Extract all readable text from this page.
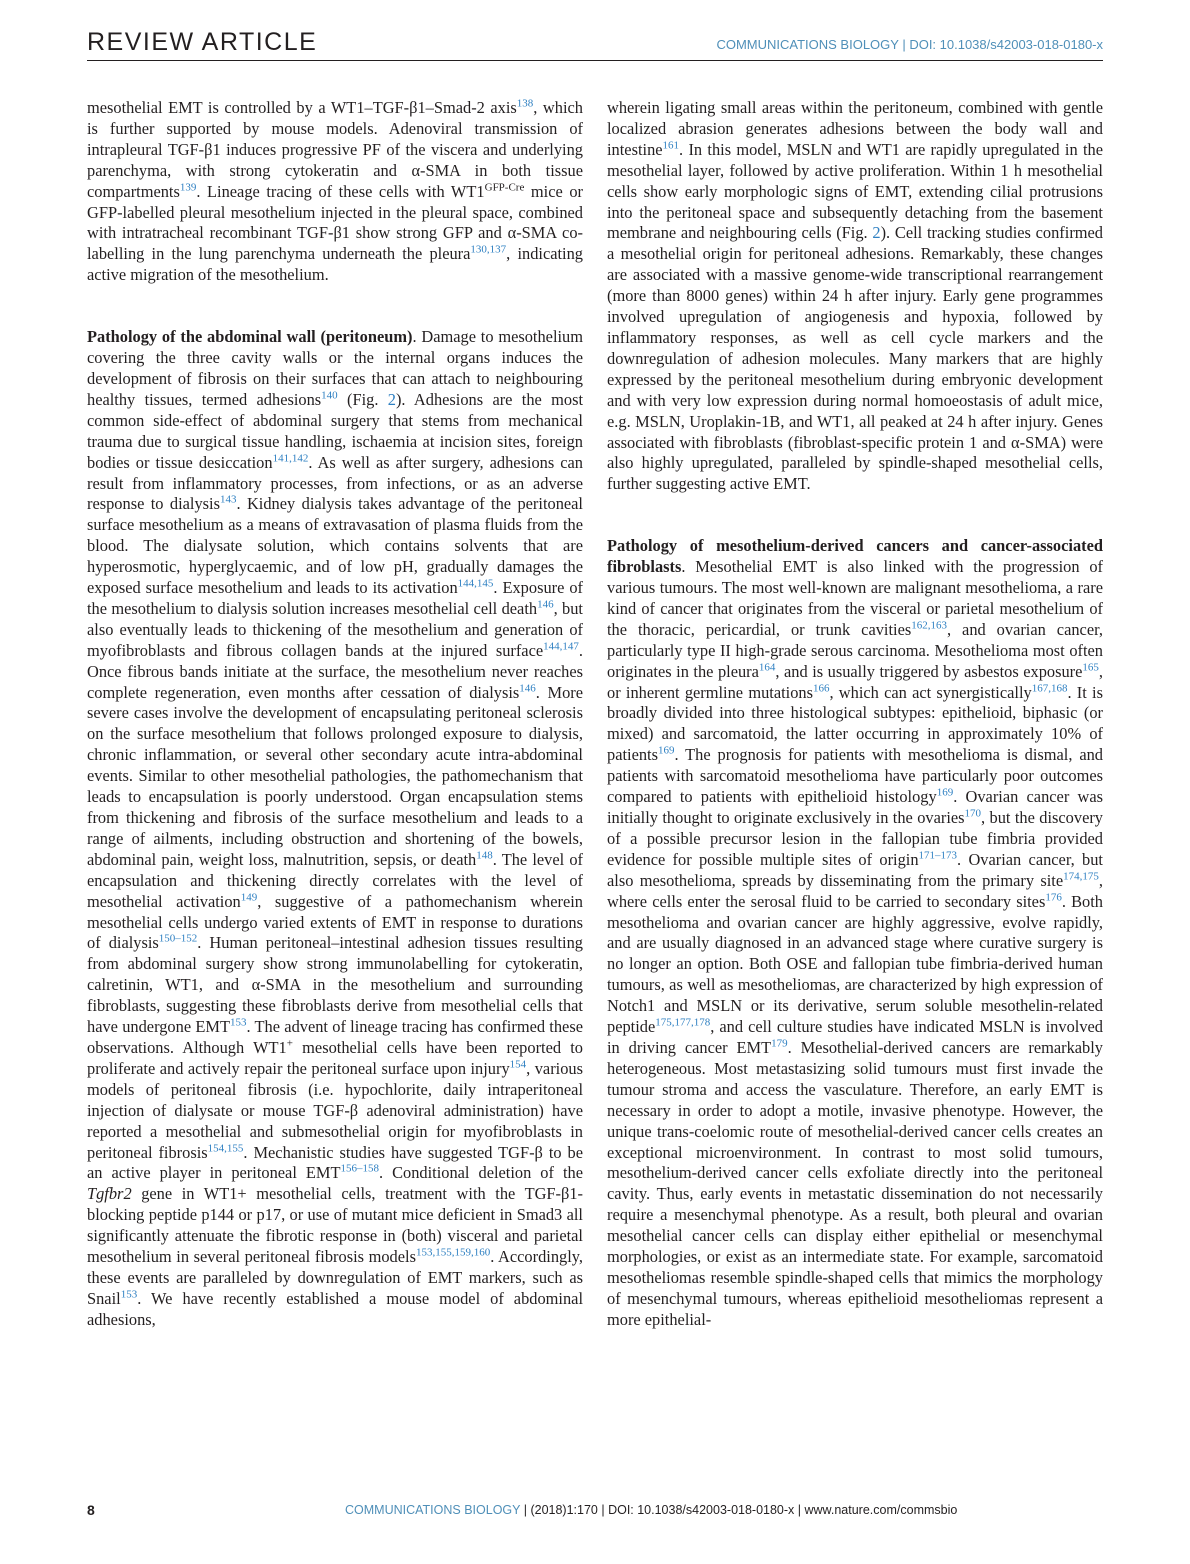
REVIEW ARTICLE	COMMUNICATIONS BIOLOGY | DOI: 10.1038/s42003-018-0180-x

mesothelial EMT is controlled by a WT1–TGF-β1–Smad-2 axis$^{138}$, which is further supported by mouse models. Adenoviral transmission of intrapleural TGF-β1 induces progressive PF of the viscera and underlying parenchyma, with strong cytokeratin and α-SMA in both tissue compartments$^{139}$. Lineage tracing of these cells with $WT1^{GFP-Cre}$ mice or GFP-labelled pleural mesothelium injected in the pleural space, combined with intratracheal recombinant TGF-β1 show strong GFP and α-SMA co-labelling in the lung parenchyma underneath the pleura$^{130,137}$, indicating active migration of the mesothelium.

Pathology of the abdominal wall (peritoneum). Damage to mesothelium covering the three cavity walls or the internal organs induces the development of fibrosis on their surfaces that can attach to neighbouring healthy tissues, termed adhesions$^{140}$ (Fig. 2). Adhesions are the most common side-effect of abdominal surgery that stems from mechanical trauma due to surgical tissue handling, ischaemia at incision sites, foreign bodies or tissue desiccation$^{141,142}$. As well as after surgery, adhesions can result from inflammatory processes, from infections, or as an adverse response to dialysis$^{143}$. Kidney dialysis takes advantage of the peritoneal surface mesothelium as a means of extravasation of plasma fluids from the blood. The dialysate solution, which contains solvents that are hyperosmotic, hyperglycaemic, and of low pH, gradually damages the exposed surface mesothelium and leads to its activation$^{144,145}$. Exposure of the mesothelium to dialysis solution increases mesothelial cell death$^{146}$, but also eventually leads to thickening of the mesothelium and generation of myofibroblasts and fibrous collagen bands at the injured surface$^{144,147}$. Once fibrous bands initiate at the surface, the mesothelium never reaches complete regeneration, even months after cessation of dialysis$^{146}$. More severe cases involve the development of encapsulating peritoneal sclerosis on the surface mesothelium that follows prolonged exposure to dialysis, chronic inflammation, or several other secondary acute intra-abdominal events. Similar to other mesothelial pathologies, the pathomechanism that leads to encapsulation is poorly understood. Organ encapsulation stems from thickening and fibrosis of the surface mesothelium and leads to a range of ailments, including obstruction and shortening of the bowels, abdominal pain, weight loss, malnutrition, sepsis, or death$^{148}$. The level of encapsulation and thickening directly correlates with the level of mesothelial activation$^{149}$, suggestive of a pathomechanism wherein mesothelial cells undergo varied extents of EMT in response to durations of dialysis$^{150-152}$. Human peritoneal–intestinal adhesion tissues resulting from abdominal surgery show strong immunolabelling for cytokeratin, calretinin, WT1, and α-SMA in the mesothelium and surrounding fibroblasts, suggesting these fibroblasts derive from mesothelial cells that have undergone EMT$^{153}$. The advent of lineage tracing has confirmed these observations. Although WT1+ mesothelial cells have been reported to proliferate and actively repair the peritoneal surface upon injury$^{154}$, various models of peritoneal fibrosis (i.e. hypochlorite, daily intraperitoneal injection of dialysate or mouse TGF-β adenoviral administration) have reported a mesothelial and submesothelial origin for myofibroblasts in peritoneal fibrosis$^{154,155}$. Mechanistic studies have suggested TGF-β to be an active player in peritoneal EMT$^{156-158}$. Conditional deletion of the Tgfbr2 gene in WT1+ mesothelial cells, treatment with the TGF-β1-blocking peptide p144 or p17, or use of mutant mice deficient in Smad3 all significantly attenuate the fibrotic response in (both) visceral and parietal mesothelium in several peritoneal fibrosis models$^{153,155,159,160}$. Accordingly, these events are paralleled by downregulation of EMT markers, such as Snail$^{153}$. We have recently established a mouse model of abdominal adhesions,

wherein ligating small areas within the peritoneum, combined with gentle localized abrasion generates adhesions between the body wall and intestine$^{161}$. In this model, MSLN and WT1 are rapidly upregulated in the mesothelial layer, followed by active proliferation. Within 1 h mesothelial cells show early morphologic signs of EMT, extending cilial protrusions into the peritoneal space and subsequently detaching from the basement membrane and neighbouring cells (Fig. 2). Cell tracking studies confirmed a mesothelial origin for peritoneal adhesions. Remarkably, these changes are associated with a massive genome-wide transcriptional rearrangement (more than 8000 genes) within 24 h after injury. Early gene programmes involved upregulation of angiogenesis and hypoxia, followed by inflammatory responses, as well as cell cycle markers and the downregulation of adhesion molecules. Many markers that are highly expressed by the peritoneal mesothelium during embryonic development and with very low expression during normal homoeostasis of adult mice, e.g. MSLN, Uroplakin-1B, and WT1, all peaked at 24 h after injury. Genes associated with fibroblasts (fibroblast-specific protein 1 and α-SMA) were also highly upregulated, paralleled by spindle-shaped mesothelial cells, further suggesting active EMT.

Pathology of mesothelium-derived cancers and cancer-associated fibroblasts. Mesothelial EMT is also linked with the progression of various tumours. The most well-known are malignant mesothelioma, a rare kind of cancer that originates from the visceral or parietal mesothelium of the thoracic, pericardial, or trunk cavities$^{162,163}$, and ovarian cancer, particularly type II high-grade serous carcinoma. Mesothelioma most often originates in the pleura$^{164}$, and is usually triggered by asbestos exposure$^{165}$, or inherent germline mutations$^{166}$, which can act synergistically$^{167,168}$. It is broadly divided into three histological subtypes: epithelioid, biphasic (or mixed) and sarcomatoid, the latter occurring in approximately 10% of patients$^{169}$. The prognosis for patients with mesothelioma is dismal, and patients with sarcomatoid mesothelioma have particularly poor outcomes compared to patients with epithelioid histology$^{169}$. Ovarian cancer was initially thought to originate exclusively in the ovaries$^{170}$, but the discovery of a possible precursor lesion in the fallopian tube fimbria provided evidence for possible multiple sites of origin$^{171-173}$. Ovarian cancer, but also mesothelioma, spreads by disseminating from the primary site$^{174,175}$, where cells enter the serosal fluid to be carried to secondary sites$^{176}$. Both mesothelioma and ovarian cancer are highly aggressive, evolve rapidly, and are usually diagnosed in an advanced stage where curative surgery is no longer an option. Both OSE and fallopian tube fimbria-derived human tumours, as well as mesotheliomas, are characterized by high expression of Notch1 and MSLN or its derivative, serum soluble mesothelin-related peptide$^{175,177,178}$, and cell culture studies have indicated MSLN is involved in driving cancer EMT$^{179}$. Mesothelial-derived cancers are remarkably heterogeneous. Most metastasizing solid tumours must first invade the tumour stroma and access the vasculature. Therefore, an early EMT is necessary in order to adopt a motile, invasive phenotype. However, the unique trans-coelomic route of mesothelial-derived cancer cells creates an exceptional microenvironment. In contrast to most solid tumours, mesothelium-derived cancer cells exfoliate directly into the peritoneal cavity. Thus, early events in metastatic dissemination do not necessarily require a mesenchymal phenotype. As a result, both pleural and ovarian mesothelial cancer cells can display either epithelial or mesenchymal morphologies, or exist as an intermediate state. For example, sarcomatoid mesotheliomas resemble spindle-shaped cells that mimics the morphology of mesenchymal tumours, whereas epithelioid mesotheliomas represent a more epithelial-

8	COMMUNICATIONS BIOLOGY | (2018)1:170 | DOI: 10.1038/s42003-018-0180-x | www.nature.com/commsbio
